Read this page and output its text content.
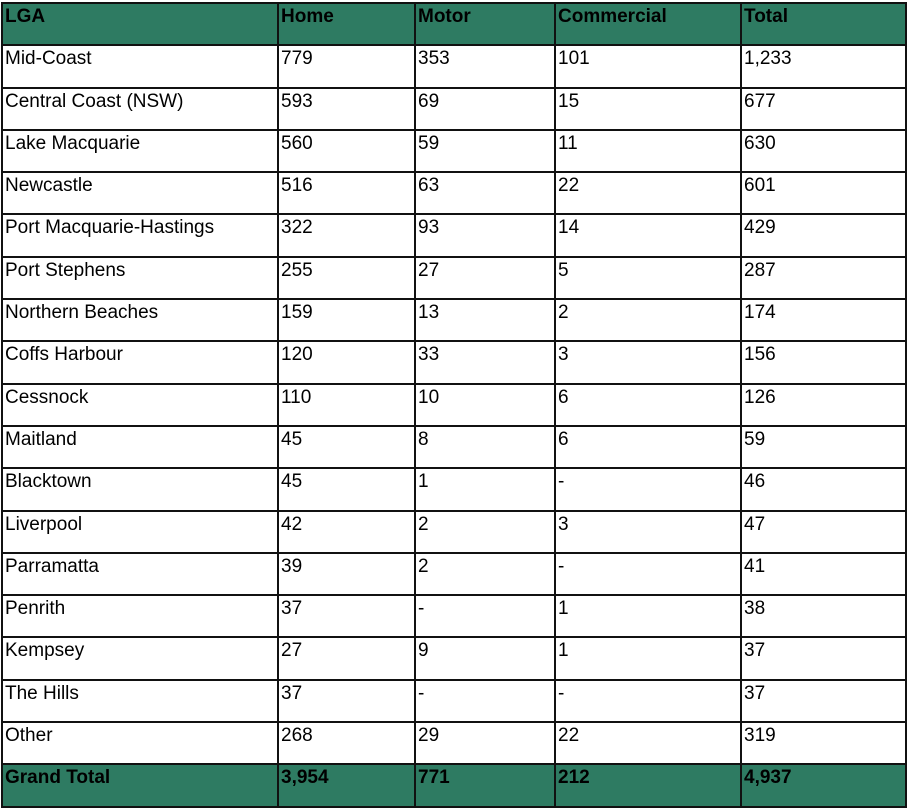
LGA	Home	Motor	Commercial	Total
Mid-Coast	779	353	101	1,233
Central Coast (NSW)	593	69	15	677
Lake Macquarie	560	59	11	630
Newcastle	516	63	22	601
Port Macquarie-Hastings	322	93	14	429
Port Stephens	255	27	5	287
Northern Beaches	159	13	2	174
Coffs Harbour	120	33	3	156
Cessnock	110	10	6	126
Maitland	45	8	6	59
Blacktown	45	1	-	46
Liverpool	42	2	3	47
Parramatta	39	2	-	41
Penrith	37	-	1	38
Kempsey	27	9	1	37
The Hills	37	-	-	37
Other	268	29	22	319
Grand Total	3,954	771	212	4,937
